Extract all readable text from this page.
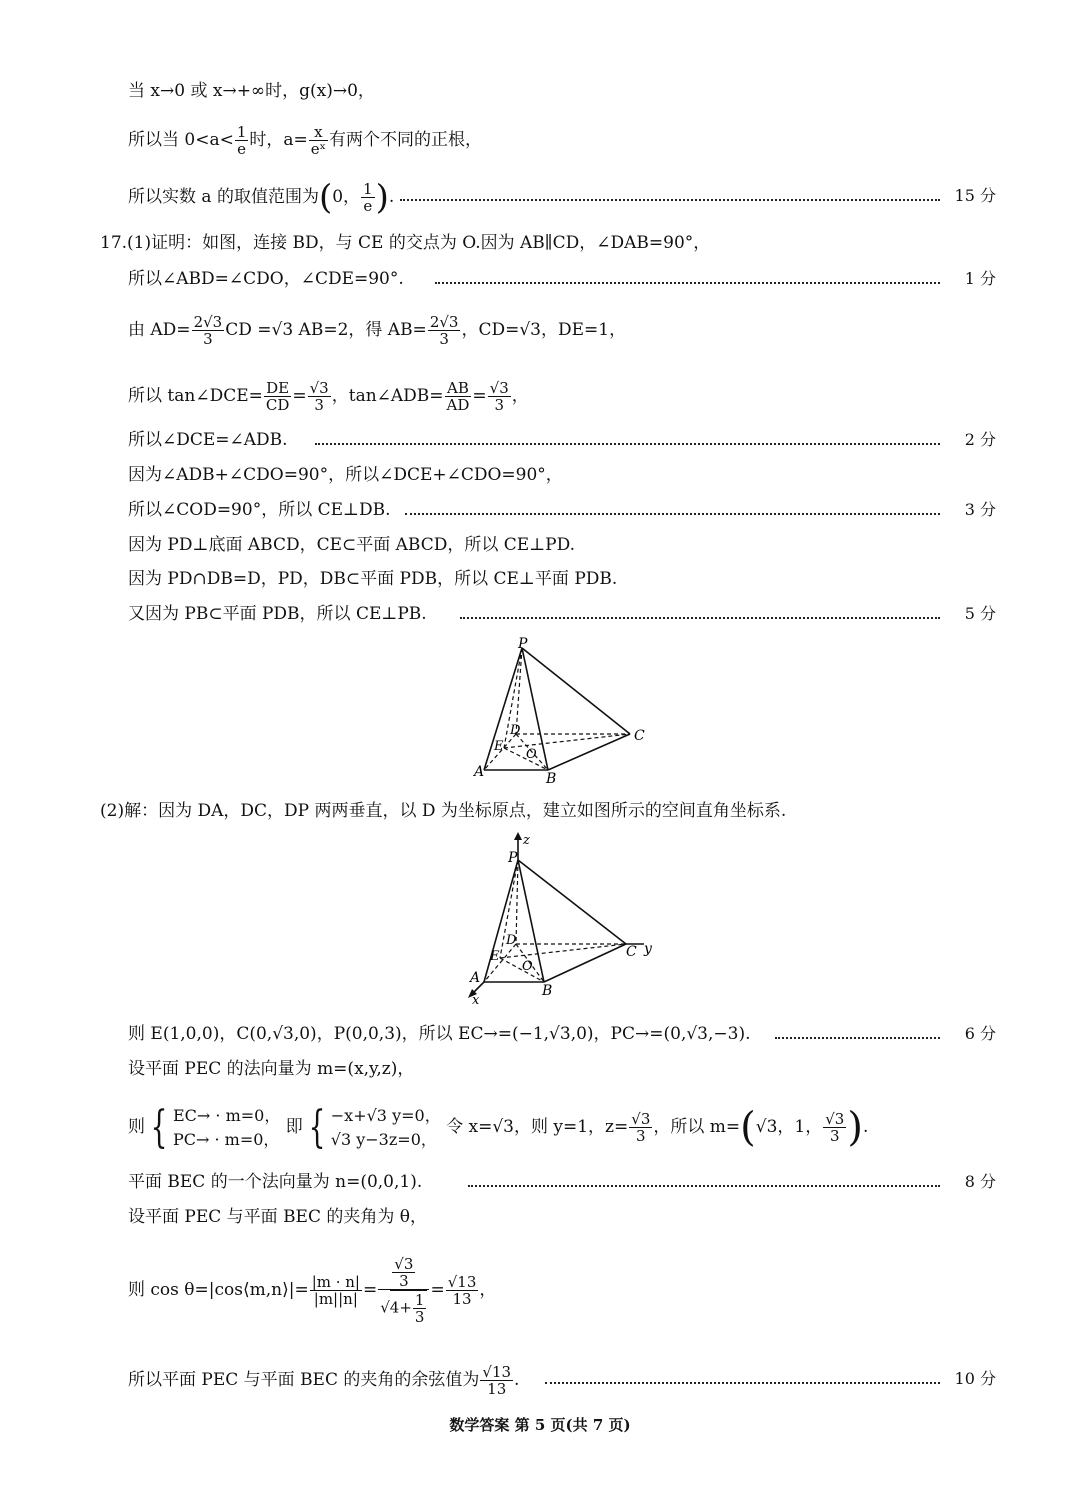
当 x→0 或 x→+∞时，g(x)→0，
所以当 $0<a< \frac{1}{e}$ 时，$a= \frac{x}{\text{eˣ}}$ 有两个不同的正根，
所以实数 a 的取值范围为(0， $\frac{1}{e}$ ).	15 分
17.(1)证明：如图，连接 BD，与 CE 的交点为 O.因为 AB∥CD，∠DAB=90°，
所以∠ABD=∠CDO，∠CDE=90°.	1 分
由 $AD= \frac{2√3}{3}$ CD =√3 AB=2，得 $AB= \frac{2√3}{3}$ ，CD=√3，DE=1，
所以 tan∠DCE= $\frac{DE}{CD} = \frac{√3}{3}$ ，tan∠ADB= $\frac{AB}{AD} = \frac{√3}{3}$ ，
所以∠DCE=∠ADB.	2 分
因为∠ADB+∠CDO=90°，所以∠DCE+∠CDO=90°，
所以∠COD=90°，所以 CE⊥DB.	3 分
因为 PD⊥底面 ABCD，CE⊂平面 ABCD，所以 CE⊥PD.
因为 PD∩DB=D，PD，DB⊂平面 PDB，所以 CE⊥平面 PDB.
又因为 PB⊂平面 PDB，所以 CE⊥PB.	5 分
P
D	C
E
O
A	B
(2)解：因为 DA，DC，DP 两两垂直，以 D 为坐标原点，建立如图所示的空间直角坐标系.
P
z
D
C y
E
O
A
B
x
则 E(1,0,0)，C(0,√3,0)，P(0,0,3)，所以 EC→=(−1,√3,0)，PC→=(0,√3,−3).	6 分
设平面 PEC 的法向量为 m=(x,y,z)，
则 { EC→ · m=0，
PC→ · m=0，
即 { −x+√3 y=0，
√3 y−3z=0，
令 x=√3，则 y=1，$z= \frac{√3}{3}$ ，所以 m=(√3，1， $\frac{√3}{3}$ ).
平面 BEC 的一个法向量为 n=(0,0,1).	8 分
设平面 PEC 与平面 BEC 的夹角为 θ，
则 cos θ=|cos⟨m,n⟩|= $\frac{|m \cdot n|}{|m||n|} = \frac{\frac{√3}{3}}{√4+ \frac{1}{3}} = \frac{√13}{13}$ ，
所以平面 PEC 与平面 BEC 的夹角的余弦值为 $\frac{√13}{13}$ .	10 分
数学答案 第 5 页(共 7 页)
